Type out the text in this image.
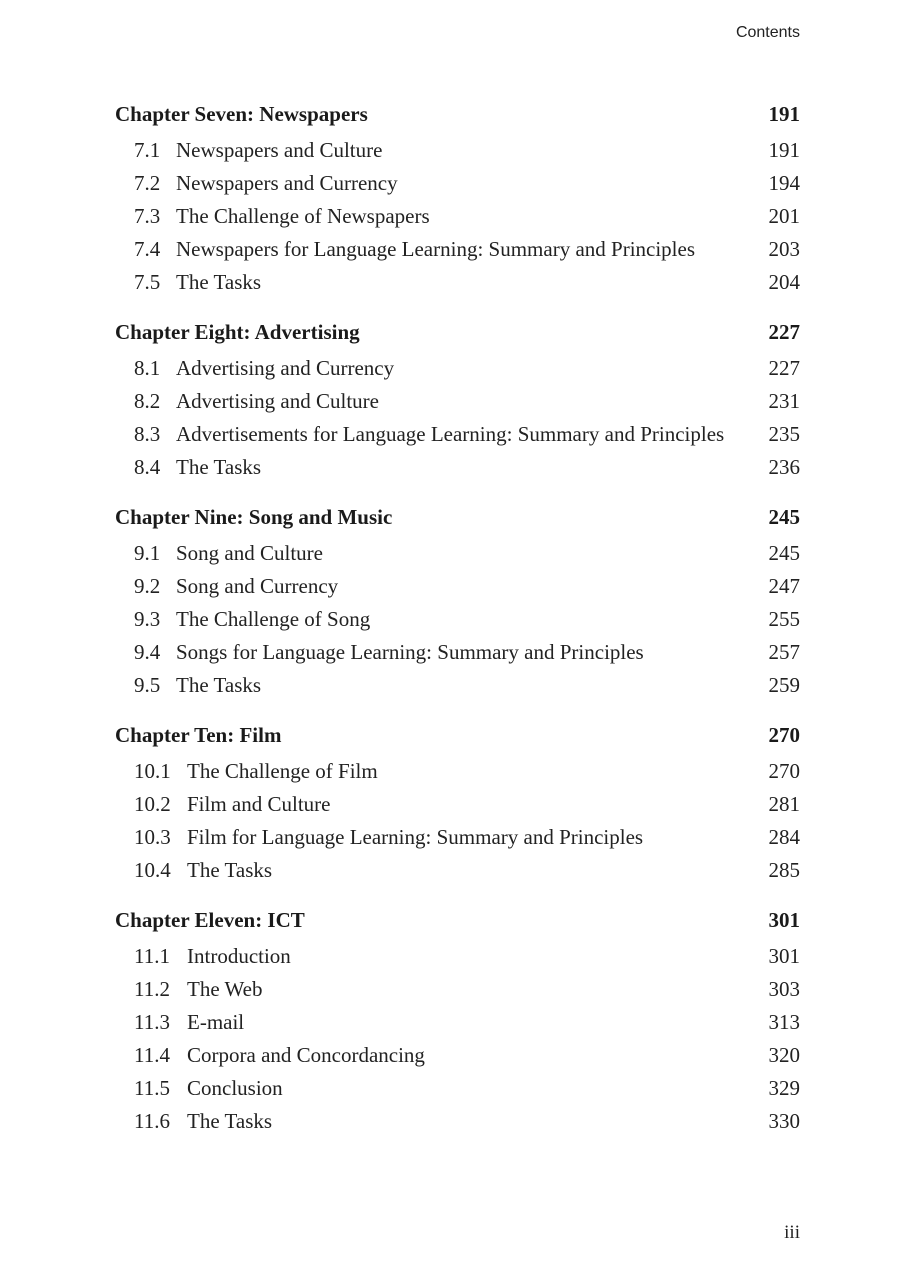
Contents
Chapter Seven: Newspapers	191
7.1 Newspapers and Culture	191
7.2 Newspapers and Currency	194
7.3 The Challenge of Newspapers	201
7.4 Newspapers for Language Learning: Summary and Principles	203
7.5 The Tasks	204
Chapter Eight: Advertising	227
8.1 Advertising and Currency	227
8.2 Advertising and Culture	231
8.3 Advertisements for Language Learning: Summary and Principles	235
8.4 The Tasks	236
Chapter Nine: Song and Music	245
9.1 Song and Culture	245
9.2 Song and Currency	247
9.3 The Challenge of Song	255
9.4 Songs for Language Learning: Summary and Principles	257
9.5 The Tasks	259
Chapter Ten: Film	270
10.1 The Challenge of Film	270
10.2 Film and Culture	281
10.3 Film for Language Learning: Summary and Principles	284
10.4 The Tasks	285
Chapter Eleven: ICT	301
11.1 Introduction	301
11.2 The Web	303
11.3 E-mail	313
11.4 Corpora and Concordancing	320
11.5 Conclusion	329
11.6 The Tasks	330
iii
